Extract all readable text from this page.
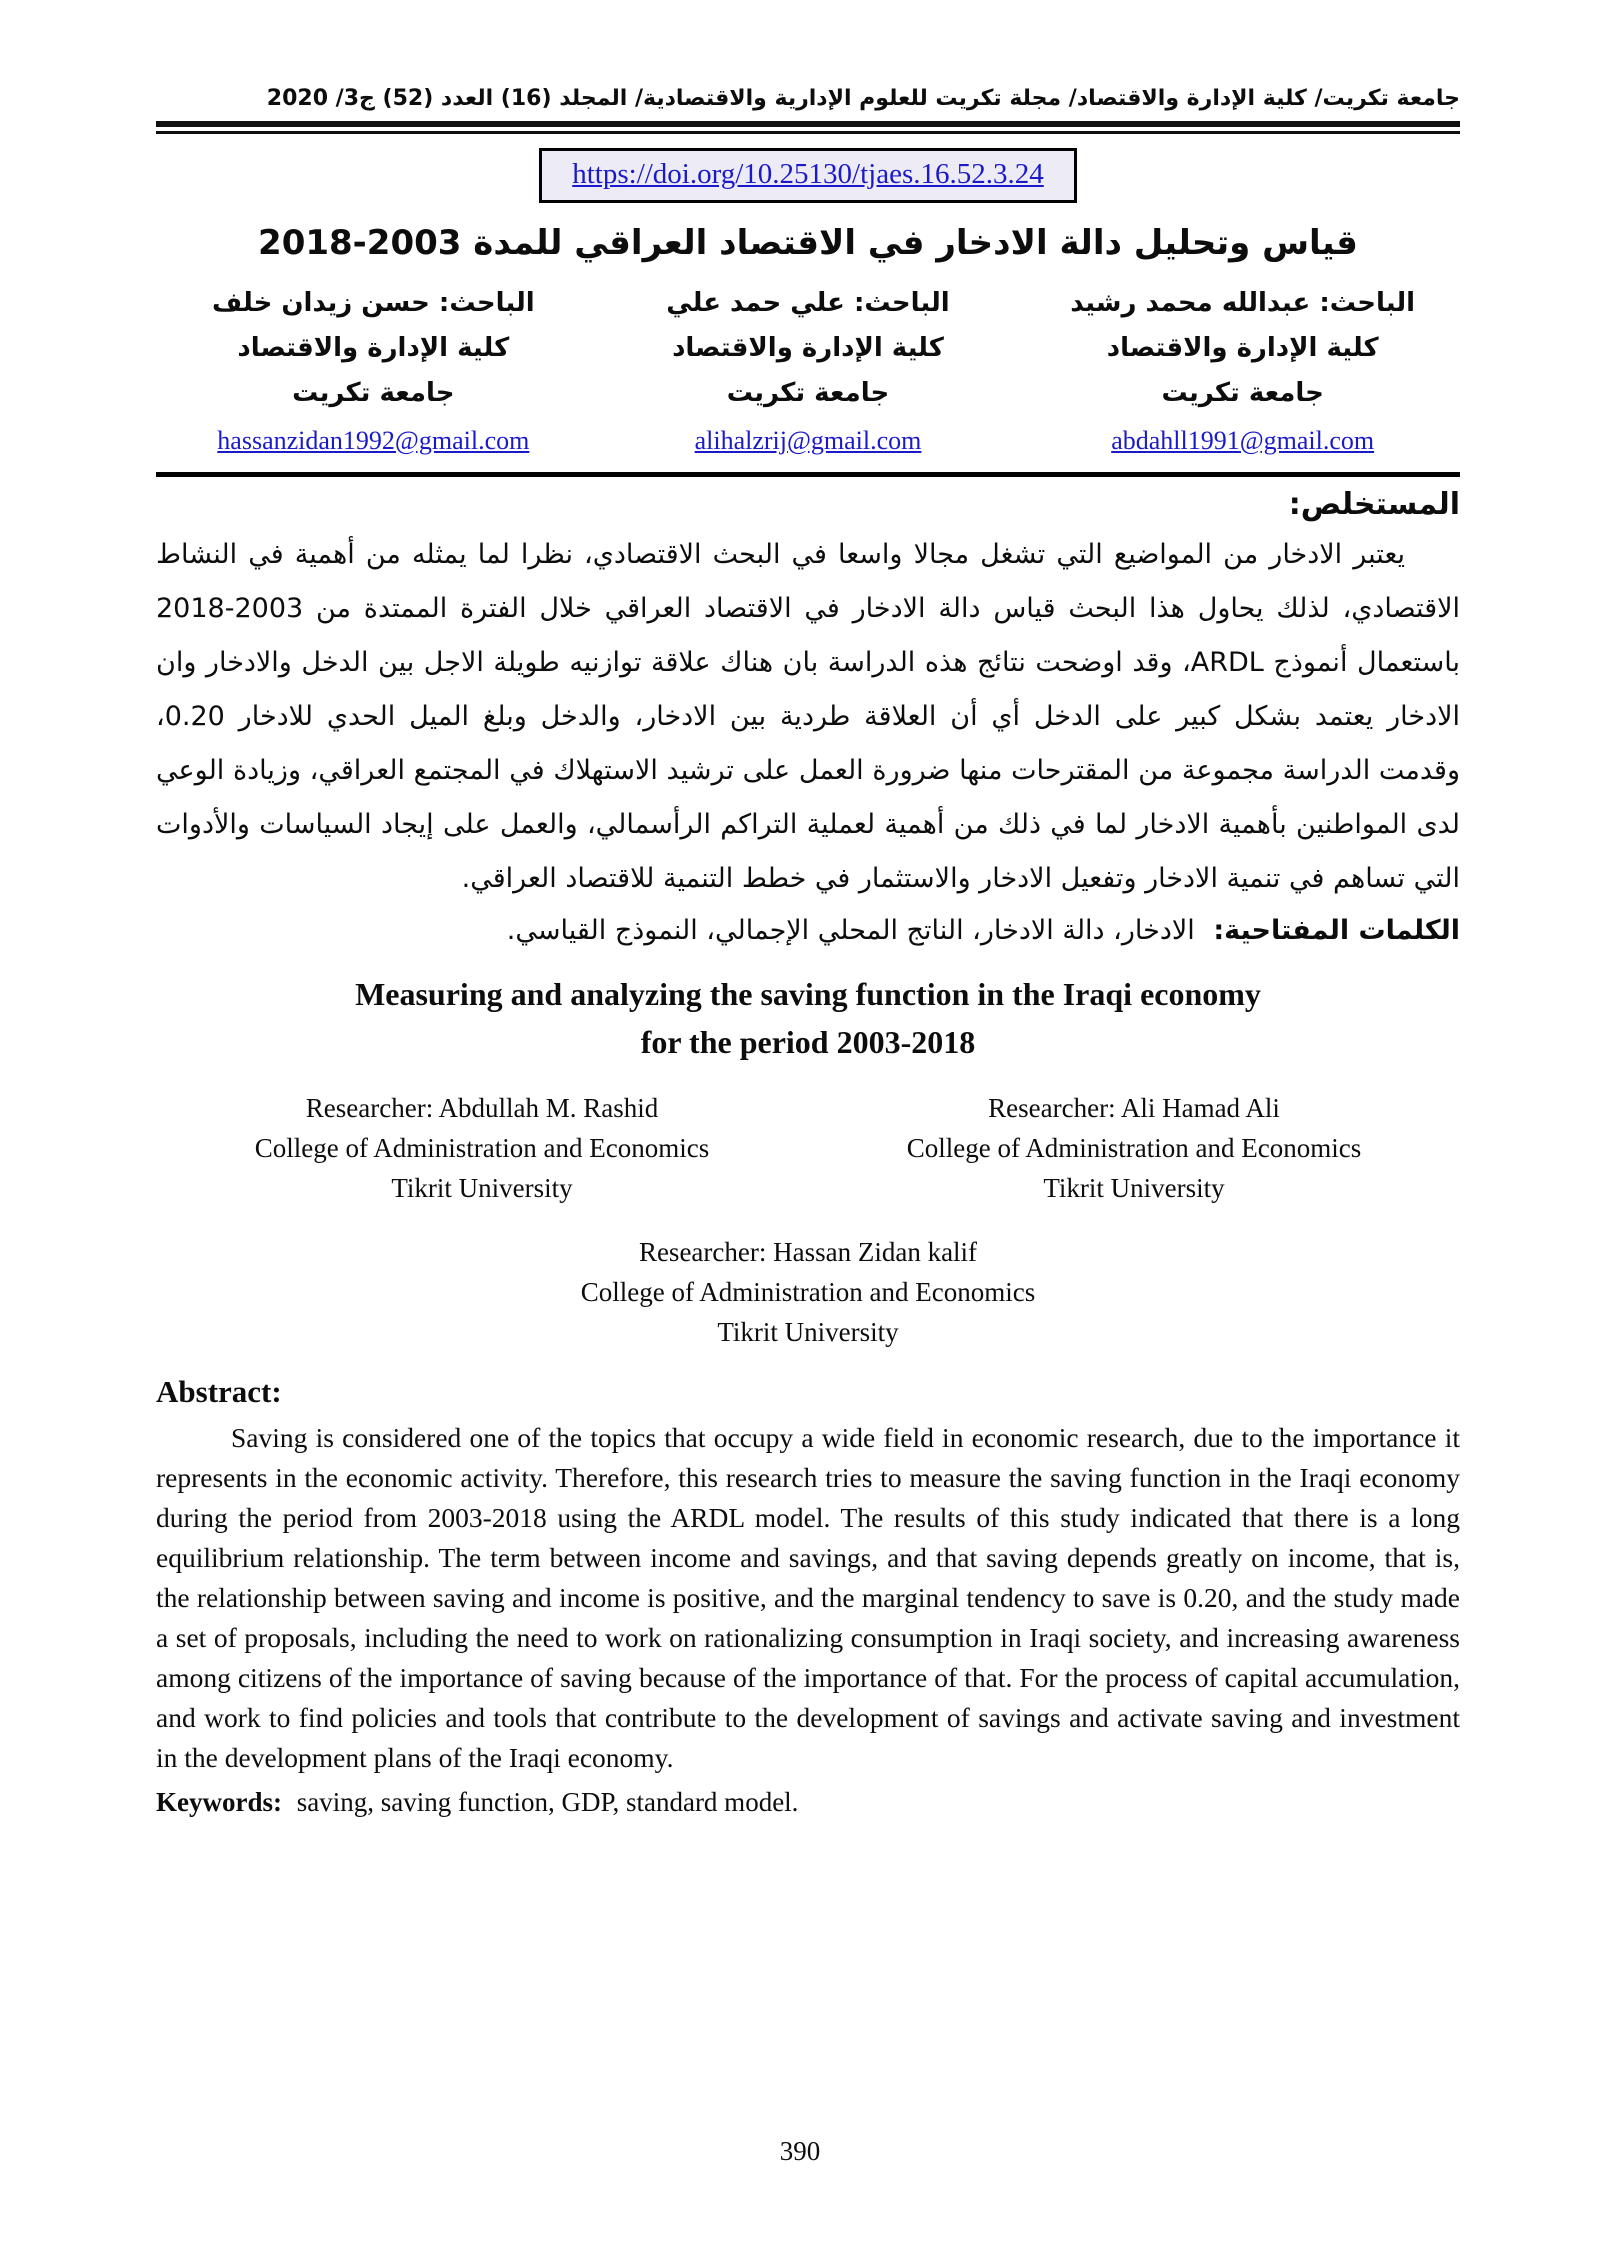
جامعة تكريت/ كلية الإدارة والاقتصاد/ مجلة تكريت للعلوم الإدارية والاقتصادية/ المجلد (16) العدد (52) ج3/ 2020
https://doi.org/10.25130/tjaes.16.52.3.24
قياس وتحليل دالة الادخار في الاقتصاد العراقي للمدة 2003-2018
الباحث: عبدالله محمد رشيد
كلية الإدارة والاقتصاد
جامعة تكريت
abdahll1991@gmail.com
الباحث: علي حمد علي
كلية الإدارة والاقتصاد
جامعة تكريت
alihalzrij@gmail.com
الباحث: حسن زيدان خلف
كلية الإدارة والاقتصاد
جامعة تكريت
hassanzidan1992@gmail.com
المستخلص:

يعتبر الادخار من المواضيع التي تشغل مجالا واسعا في البحث الاقتصادي، نظرا لما يمثله من أهمية في النشاط الاقتصادي، لذلك يحاول هذا البحث قياس دالة الادخار في الاقتصاد العراقي خلال الفترة الممتدة من 2003-2018 باستعمال أنموذج ARDL، وقد اوضحت نتائج هذه الدراسة بان هناك علاقة توازنيه طويلة الاجل بين الدخل والادخار وان الادخار يعتمد بشكل كبير على الدخل أي أن العلاقة طردية بين الادخار، والدخل وبلغ الميل الحدي للادخار 0.20، وقدمت الدراسة مجموعة من المقترحات منها ضرورة العمل على ترشيد الاستهلاك في المجتمع العراقي، وزيادة الوعي لدى المواطنين بأهمية الادخار لما في ذلك من أهمية لعملية التراكم الرأسمالي، والعمل على إيجاد السياسات والأدوات التي تساهم في تنمية الادخار وتفعيل الادخار والاستثمار في خطط التنمية للاقتصاد العراقي.

الكلمات المفتاحية: الادخار، دالة الادخار، الناتج المحلي الإجمالي، النموذج القياسي.

Measuring and analyzing the saving function in the Iraqi economy
for the period 2003-2018
Researcher: Abdullah M. Rashid
College of Administration and Economics
Tikrit University
Researcher: Ali Hamad Ali
College of Administration and Economics
Tikrit University
Researcher: Hassan Zidan kalif
College of Administration and Economics
Tikrit University
Abstract:

Saving is considered one of the topics that occupy a wide field in economic research, due to the importance it represents in the economic activity. Therefore, this research tries to measure the saving function in the Iraqi economy during the period from 2003-2018 using the ARDL model. The results of this study indicated that there is a long equilibrium relationship. The term between income and savings, and that saving depends greatly on income, that is, the relationship between saving and income is positive, and the marginal tendency to save is 0.20, and the study made a set of proposals, including the need to work on rationalizing consumption in Iraqi society, and increasing awareness among citizens of the importance of saving because of the importance of that. For the process of capital accumulation, and work to find policies and tools that contribute to the development of savings and activate saving and investment in the development plans of the Iraqi economy.

Keywords: saving, saving function, GDP, standard model.

390
